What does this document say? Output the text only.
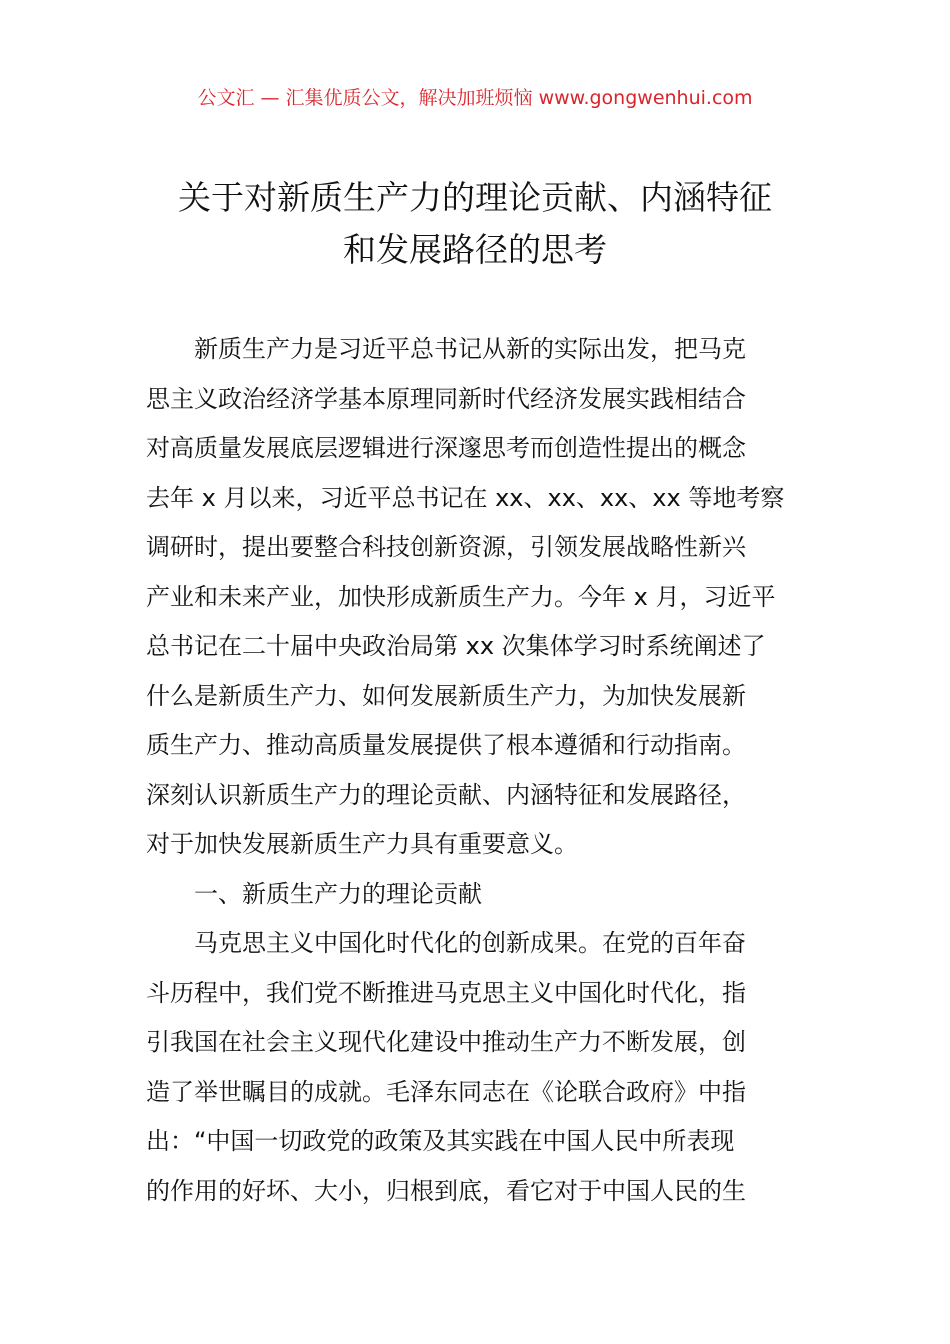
公文汇 — 汇集优质公文，解决加班烦恼 www.gongwenhui.com
关于对新质生产力的理论贡献、内涵特征
和发展路径的思考
新质生产力是习近平总书记从新的实际出发，把马克
思主义政治经济学基本原理同新时代经济发展实践相结合
对高质量发展底层逻辑进行深邃思考而创造性提出的概念
去年 x 月以来，习近平总书记在 xx、xx、xx、xx 等地考察
调研时，提出要整合科技创新资源，引领发展战略性新兴
产业和未来产业，加快形成新质生产力。今年 x 月，习近平
总书记在二十届中央政治局第 xx 次集体学习时系统阐述了
什么是新质生产力、如何发展新质生产力，为加快发展新
质生产力、推动高质量发展提供了根本遵循和行动指南。
深刻认识新质生产力的理论贡献、内涵特征和发展路径，
对于加快发展新质生产力具有重要意义。
一、新质生产力的理论贡献
马克思主义中国化时代化的创新成果。在党的百年奋
斗历程中，我们党不断推进马克思主义中国化时代化，指
引我国在社会主义现代化建设中推动生产力不断发展，创
造了举世瞩目的成就。毛泽东同志在《论联合政府》中指
出：“中国一切政党的政策及其实践在中国人民中所表现
的作用的好坏、大小，归根到底，看它对于中国人民的生
